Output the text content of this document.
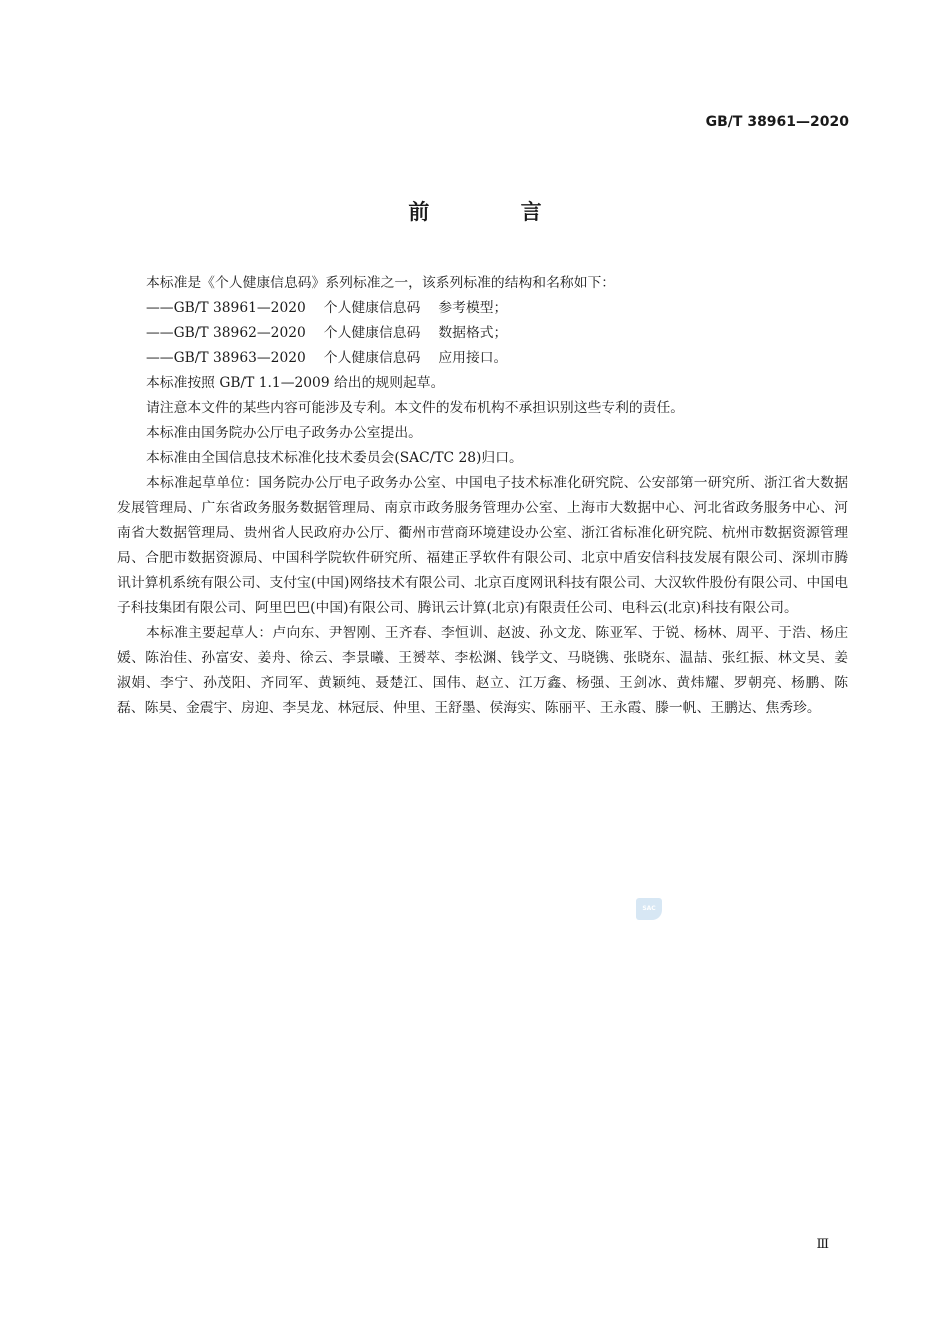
GB/T 38961—2020
前 言

本标准是《个人健康信息码》系列标准之一，该系列标准的结构和名称如下：

——GB/T 38961—2020 个人健康信息码 参考模型；

——GB/T 38962—2020 个人健康信息码 数据格式；

——GB/T 38963—2020 个人健康信息码 应用接口。

本标准按照 GB/T 1.1—2009 给出的规则起草。

请注意本文件的某些内容可能涉及专利。本文件的发布机构不承担识别这些专利的责任。

本标准由国务院办公厅电子政务办公室提出。

本标准由全国信息技术标准化技术委员会(SAC/TC 28)归口。

本标准起草单位：国务院办公厅电子政务办公室、中国电子技术标准化研究院、公安部第一研究所、浙江省大数据发展管理局、广东省政务服务数据管理局、南京市政务服务管理办公室、上海市大数据中心、河北省政务服务中心、河南省大数据管理局、贵州省人民政府办公厅、衢州市营商环境建设办公室、浙江省标准化研究院、杭州市数据资源管理局、合肥市数据资源局、中国科学院软件研究所、福建正孚软件有限公司、北京中盾安信科技发展有限公司、深圳市腾讯计算机系统有限公司、支付宝(中国)网络技术有限公司、北京百度网讯科技有限公司、大汉软件股份有限公司、中国电子科技集团有限公司、阿里巴巴(中国)有限公司、腾讯云计算(北京)有限责任公司、电科云(北京)科技有限公司。

本标准主要起草人：卢向东、尹智刚、王齐春、李恒训、赵波、孙文龙、陈亚军、于锐、杨林、周平、于浩、杨庄媛、陈治佳、孙富安、姜舟、徐云、李景曦、王赟萃、李松渊、钱学文、马晓镌、张晓东、温喆、张红振、林文昊、姜淑娟、李宁、孙茂阳、齐同军、黄颖纯、聂楚江、国伟、赵立、江万鑫、杨强、王剑冰、黄炜耀、罗朝亮、杨鹏、陈磊、陈昊、金震宇、房迎、李昊龙、林冠辰、仲里、王舒墨、侯海实、陈丽平、王永霞、滕一帆、王鹏达、焦秀珍。

SAC
Ⅲ
